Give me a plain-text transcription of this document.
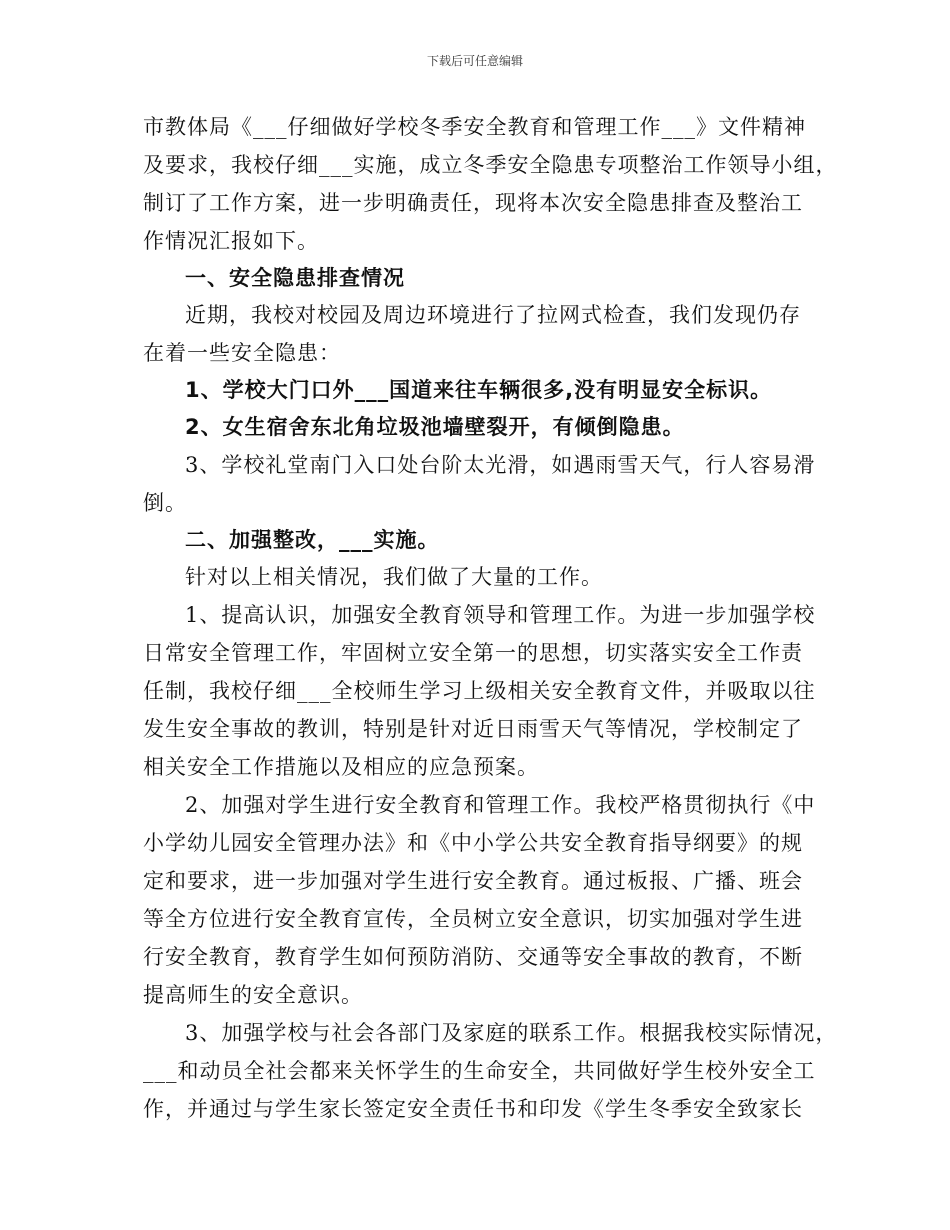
下载后可任意编辑
市教体局《___仔细做好学校冬季安全教育和管理工作___》文件精神
及要求，我校仔细___实施，成立冬季安全隐患专项整治工作领导小组，
制订了工作方案，进一步明确责任，现将本次安全隐患排查及整治工
作情况汇报如下。
一、安全隐患排查情况
近期，我校对校园及周边环境进行了拉网式检查，我们发现仍存
在着一些安全隐患：
1、学校大门口外___国道来往车辆很多,没有明显安全标识。
2、女生宿舍东北角垃圾池墙壁裂开，有倾倒隐患。
3、学校礼堂南门入口处台阶太光滑，如遇雨雪天气，行人容易滑
倒。
二、加强整改，___实施。
针对以上相关情况，我们做了大量的工作。
1、提高认识，加强安全教育领导和管理工作。为进一步加强学校
日常安全管理工作，牢固树立安全第一的思想，切实落实安全工作责
任制，我校仔细___全校师生学习上级相关安全教育文件，并吸取以往
发生安全事故的教训，特别是针对近日雨雪天气等情况，学校制定了
相关安全工作措施以及相应的应急预案。
2、加强对学生进行安全教育和管理工作。我校严格贯彻执行《中
小学幼儿园安全管理办法》和《中小学公共安全教育指导纲要》的规
定和要求，进一步加强对学生进行安全教育。通过板报、广播、班会
等全方位进行安全教育宣传，全员树立安全意识，切实加强对学生进
行安全教育，教育学生如何预防消防、交通等安全事故的教育，不断
提高师生的安全意识。
3、加强学校与社会各部门及家庭的联系工作。根据我校实际情况，
___和动员全社会都来关怀学生的生命安全，共同做好学生校外安全工
作，并通过与学生家长签定安全责任书和印发《学生冬季安全致家长
